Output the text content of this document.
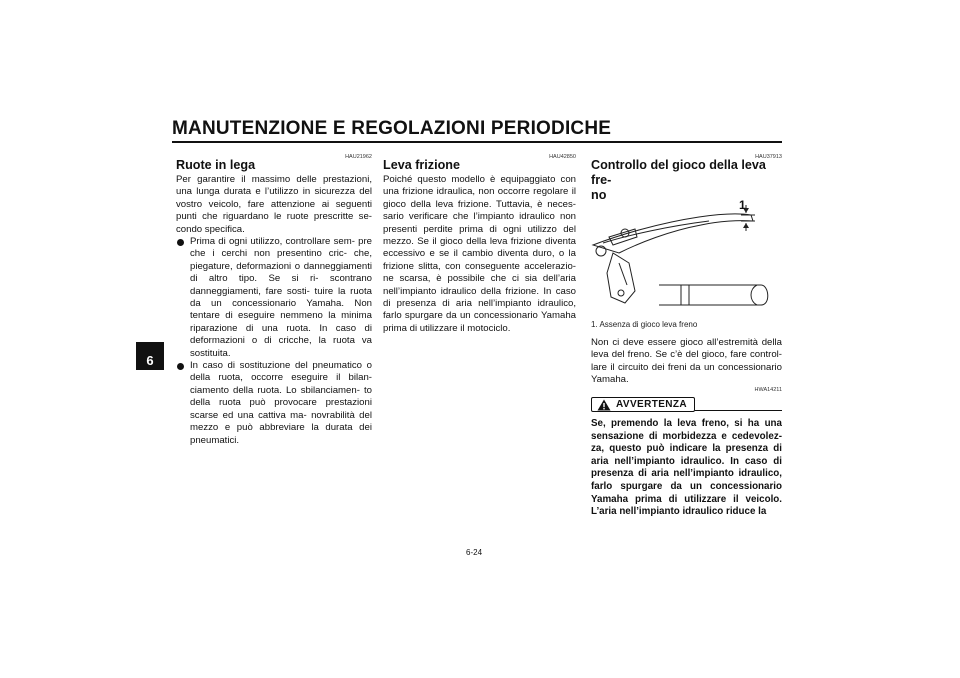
MANUTENZIONE E REGOLAZIONI PERIODICHE
6
HAU21962
Ruote in lega

Per garantire il massimo delle prestazioni, una lunga durata e l’utilizzo in sicurezza del vostro veicolo, fare attenzione ai seguenti punti che riguardano le ruote prescritte se- condo specifica.

Prima di ogni utilizzo, controllare sem- pre che i cerchi non presentino cric- che, piegature, deformazioni o danneggiamenti di altro tipo. Se si ri- scontrano danneggiamenti, fare sosti- tuire la ruota da un concessionario Yamaha. Non tentare di eseguire nemmeno la minima riparazione di una ruota. In caso di deformazioni o di cricche, la ruota va sostituita.
In caso di sostituzione del pneumatico o della ruota, occorre eseguire il bilan- ciamento della ruota. Lo sbilanciamen- to della ruota può provocare prestazioni scarse ed una cattiva ma- novrabilità del mezzo e può abbreviare la durata dei pneumatici.
HAU42850
Leva frizione

Poiché questo modello è equipaggiato con una frizione idraulica, non occorre regolare il gioco della leva frizione. Tuttavia, è neces- sario verificare che l’impianto idraulico non presenti perdite prima di ogni utilizzo del mezzo. Se il gioco della leva frizione diventa eccessivo e se il cambio diventa duro, o la frizione slitta, con conseguente accelerazio- ne scarsa, è possibile che ci sia dell’aria nell’impianto idraulico della frizione. In caso di presenza di aria nell’impianto idraulico, farlo spurgare da un concessionario Yamaha prima di utilizzare il motociclo.

HAU37913
Controllo del gioco della leva fre-
no
1
1. Assenza di gioco leva freno

Non ci deve essere gioco all’estremità della leva del freno. Se c’è del gioco, fare control- lare il circuito dei freni da un concessionario Yamaha.

HWA14211
AVVERTENZA

Se, premendo la leva freno, si ha una sensazione di morbidezza e cedevolez- za, questo può indicare la presenza di aria nell’impianto idraulico. In caso di presenza di aria nell’impianto idraulico, farlo spurgare da un concessionario Yamaha prima di utilizzare il veicolo. L’aria nell’impianto idraulico riduce la

6-24
